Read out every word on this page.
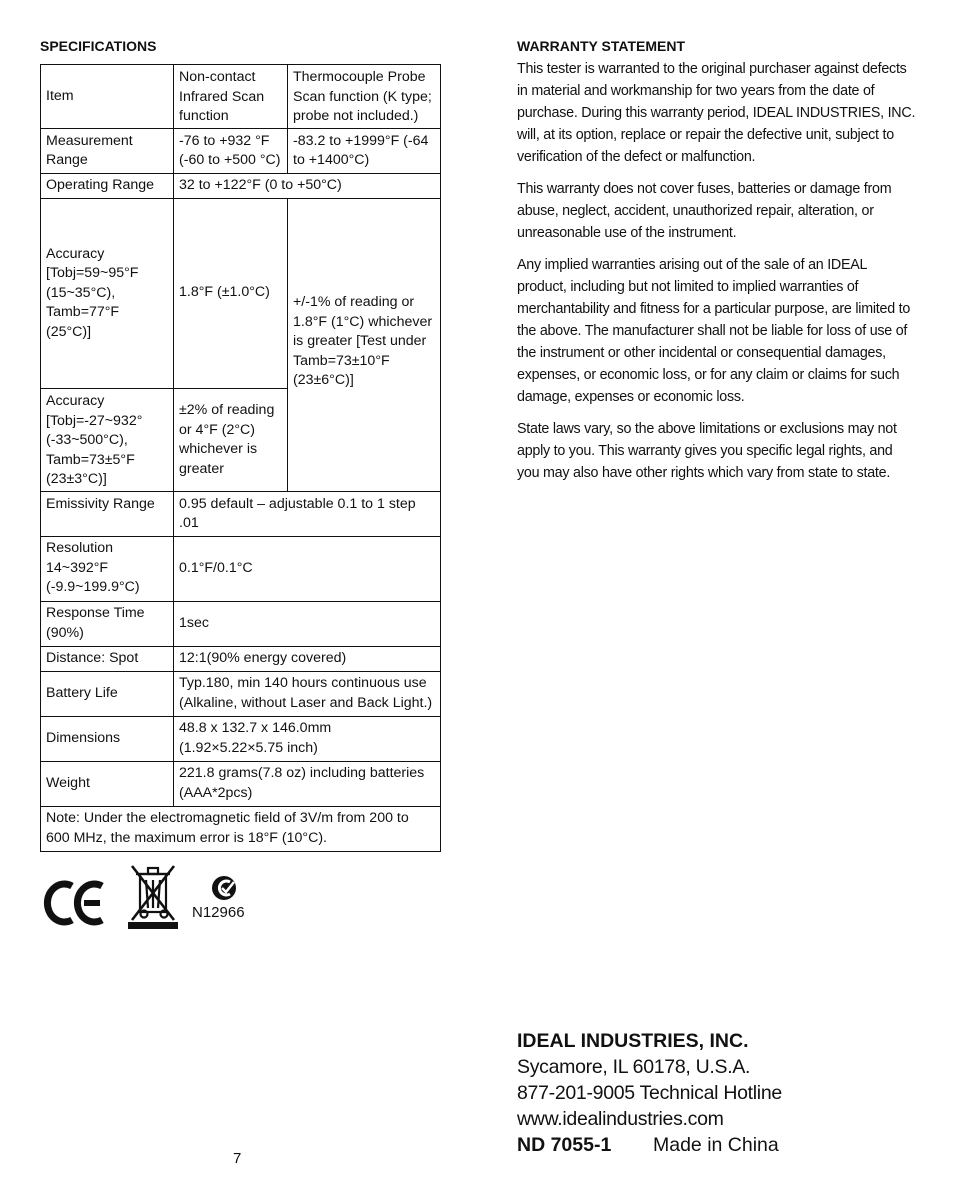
SPECIFICATIONS
Item	Non-contact Infrared Scan function	Thermocouple Probe Scan function (K type; probe not included.)
Measurement Range	-76 to +932 °F (-60 to +500 °C)	-83.2 to +1999°F (-64 to +1400°C)
Operating Range	32 to +122°F (0 to +50°C)	
Accuracy [Tobj=59~95°F (15~35°C), Tamb=77°F (25°C)]	1.8°F (±1.0°C)	+/-1% of reading or 1.8°F (1°C) whichever is greater [Test under Tamb=73±10°F (23±6°C)]
Accuracy [Tobj=-27~932° (-33~500°C), Tamb=73±5°F (23±3°C)]	±2% of reading or 4°F (2°C) whichever is greater	
Emissivity Range	0.95 default – adjustable 0.1 to 1 step .01	
Resolution 14~392°F (-9.9~199.9°C)	0.1°F/0.1°C	
Response Time (90%)	1sec	
Distance: Spot	12:1(90% energy covered)	
Battery Life	Typ.180, min 140 hours continuous use (Alkaline, without Laser and Back Light.)	
Dimensions	48.8 x 132.7 x 146.0mm (1.92×5.22×5.75 inch)	
Weight	221.8 grams(7.8 oz) including batteries (AAA*2pcs)	
Note: Under the electromagnetic field of 3V/m from 200 to 600 MHz, the maximum error is 18°F (10°C).		
N12966
7
WARRANTY STATEMENT

This tester is warranted to the original purchaser against defects in material and workmanship for two years from the date of purchase. During this warranty period, IDEAL INDUSTRIES, INC. will, at its option, replace or repair the defective unit, subject to verification of the defect or malfunction.

This warranty does not cover fuses, batteries or damage from abuse, neglect, accident, unauthorized repair, alteration, or unreasonable use of the instrument.

Any implied warranties arising out of the sale of an IDEAL product, including but not limited to implied warranties of merchantability and fitness for a particular purpose, are limited to the above. The manufacturer shall not be liable for loss of use of the instrument or other incidental or consequential damages, expenses, or economic loss, or for any claim or claims for such damage, expenses or economic loss.

State laws vary, so the above limitations or exclusions may not apply to you. This warranty gives you specific legal rights, and you may also have other rights which vary from state to state.

IDEAL INDUSTRIES, INC.
Sycamore, IL 60178, U.S.A.
877-201-9005 Technical Hotline
www.idealindustries.com
ND 7055-1 Made in China
